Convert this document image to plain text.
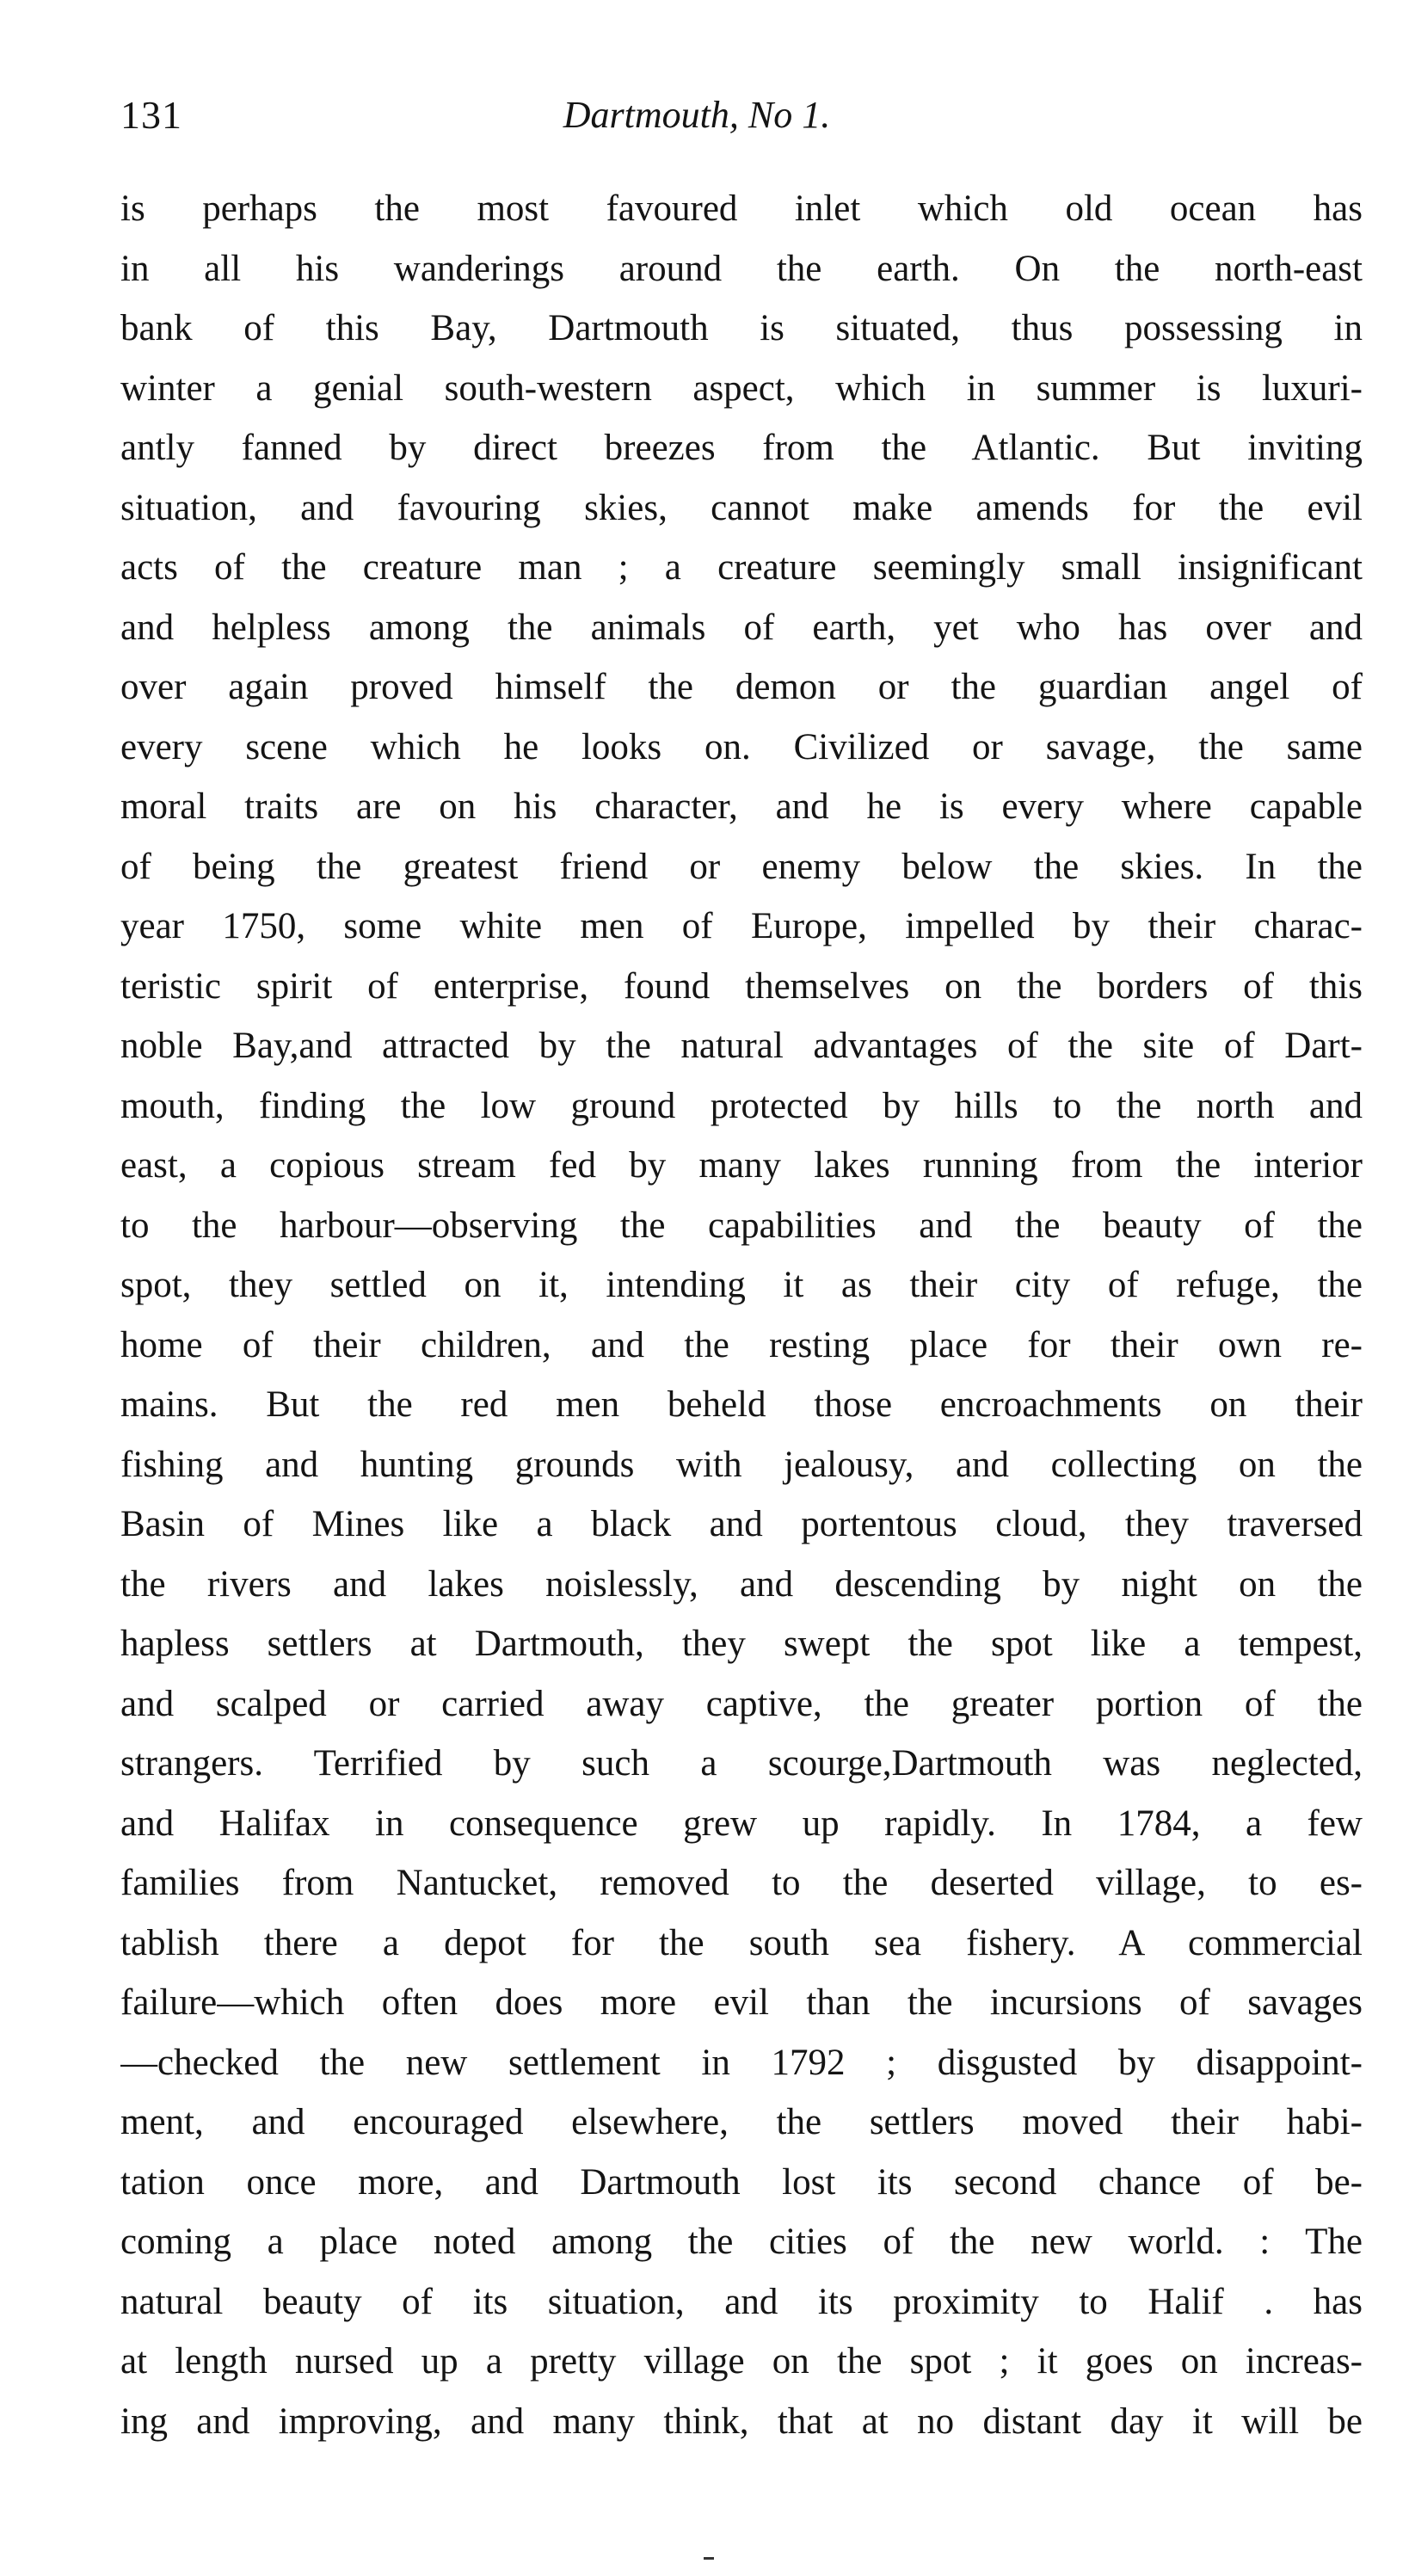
131	Dartmouth, No 1.
is perhaps the most favoured inlet which old ocean has
in all his wanderings around the earth. On the north-east
bank of this Bay, Dartmouth is situated, thus possessing in
winter a genial south-western aspect, which in summer is luxuri-
antly fanned by direct breezes from the Atlantic. But inviting
situation, and favouring skies, cannot make amends for the evil
acts of the creature man ; a creature seemingly small insignificant
and helpless among the animals of earth, yet who has over and
over again proved himself the demon or the guardian angel of
every scene which he looks on. Civilized or savage, the same
moral traits are on his character, and he is every where capable
of being the greatest friend or enemy below the skies. In the
year 1750, some white men of Europe, impelled by their charac-
teristic spirit of enterprise, found themselves on the borders of this
noble Bay,and attracted by the natural advantages of the site of Dart-
mouth, finding the low ground protected by hills to the north and
east, a copious stream fed by many lakes running from the interior
to the harbour—observing the capabilities and the beauty of the
spot, they settled on it, intending it as their city of refuge, the
home of their children, and the resting place for their own re-
mains. But the red men beheld those encroachments on their
fishing and hunting grounds with jealousy, and collecting on the
Basin of Mines like a black and portentous cloud, they traversed
the rivers and lakes noislessly, and descending by night on the
hapless settlers at Dartmouth, they swept the spot like a tempest,
and scalped or carried away captive, the greater portion of the
strangers. Terrified by such a scourge,Dartmouth was neglected,
and Halifax in consequence grew up rapidly. In 1784, a few
families from Nantucket, removed to the deserted village, to es-
tablish there a depot for the south sea fishery. A commercial
failure—which often does more evil than the incursions of savages
—checked the new settlement in 1792 ; disgusted by disappoint-
ment, and encouraged elsewhere, the settlers moved their habi-
tation once more, and Dartmouth lost its second chance of be-
coming a place noted among the cities of the new world. : The
natural beauty of its situation, and its proximity to Halif . has
at length nursed up a pretty village on the spot ; it goes on increas-
ing and improving, and many think, that at no distant day it will be
